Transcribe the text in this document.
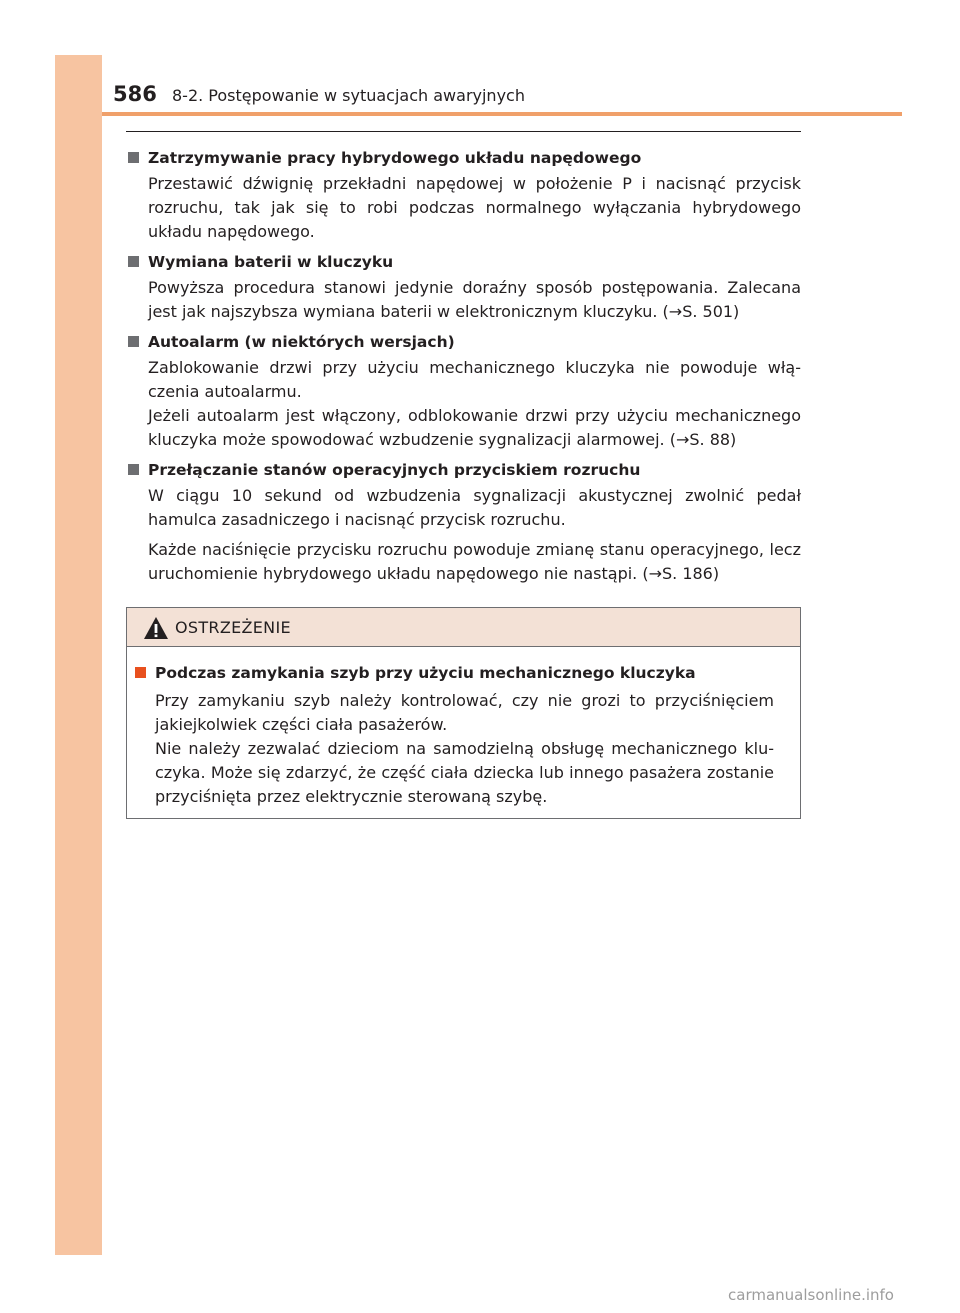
586 8-2. Postępowanie w sytuacjach awaryjnych
Zatrzymywanie pracy hybrydowego układu napędowego
Przestawić dźwignię przekładni napędowej w położenie P i nacisnąć przycisk rozruchu, tak jak się to robi podczas normalnego wyłączania hybrydowego układu napędowego.
Wymiana baterii w kluczyku
Powyższa procedura stanowi jedynie doraźny sposób postępowania. Zalecana jest jak najszybsza wymiana baterii w elektronicznym kluczyku. (→S. 501)
Autoalarm (w niektórych wersjach)
Zablokowanie drzwi przy użyciu mechanicznego kluczyka nie powoduje włą-czenia autoalarmu.
Jeżeli autoalarm jest włączony, odblokowanie drzwi przy użyciu mechanicznego kluczyka może spowodować wzbudzenie sygnalizacji alarmowej. (→S. 88)
Przełączanie stanów operacyjnych przyciskiem rozruchu
W ciągu 10 sekund od wzbudzenia sygnalizacji akustycznej zwolnić pedał hamulca zasadniczego i nacisnąć przycisk rozruchu.
Każde naciśnięcie przycisku rozruchu powoduje zmianę stanu operacyjnego, lecz uruchomienie hybrydowego układu napędowego nie nastąpi. (→S. 186)
OSTRZEŻENIE
Podczas zamykania szyb przy użyciu mechanicznego kluczyka
Przy zamykaniu szyb należy kontrolować, czy nie grozi to przyciśnięciem jakiejkolwiek części ciała pasażerów.
Nie należy zezwalać dzieciom na samodzielną obsługę mechanicznego klu-czyka. Może się zdarzyć, że część ciała dziecka lub innego pasażera zostanie przyciśnięta przez elektrycznie sterowaną szybę.
carmanualsonline.info
